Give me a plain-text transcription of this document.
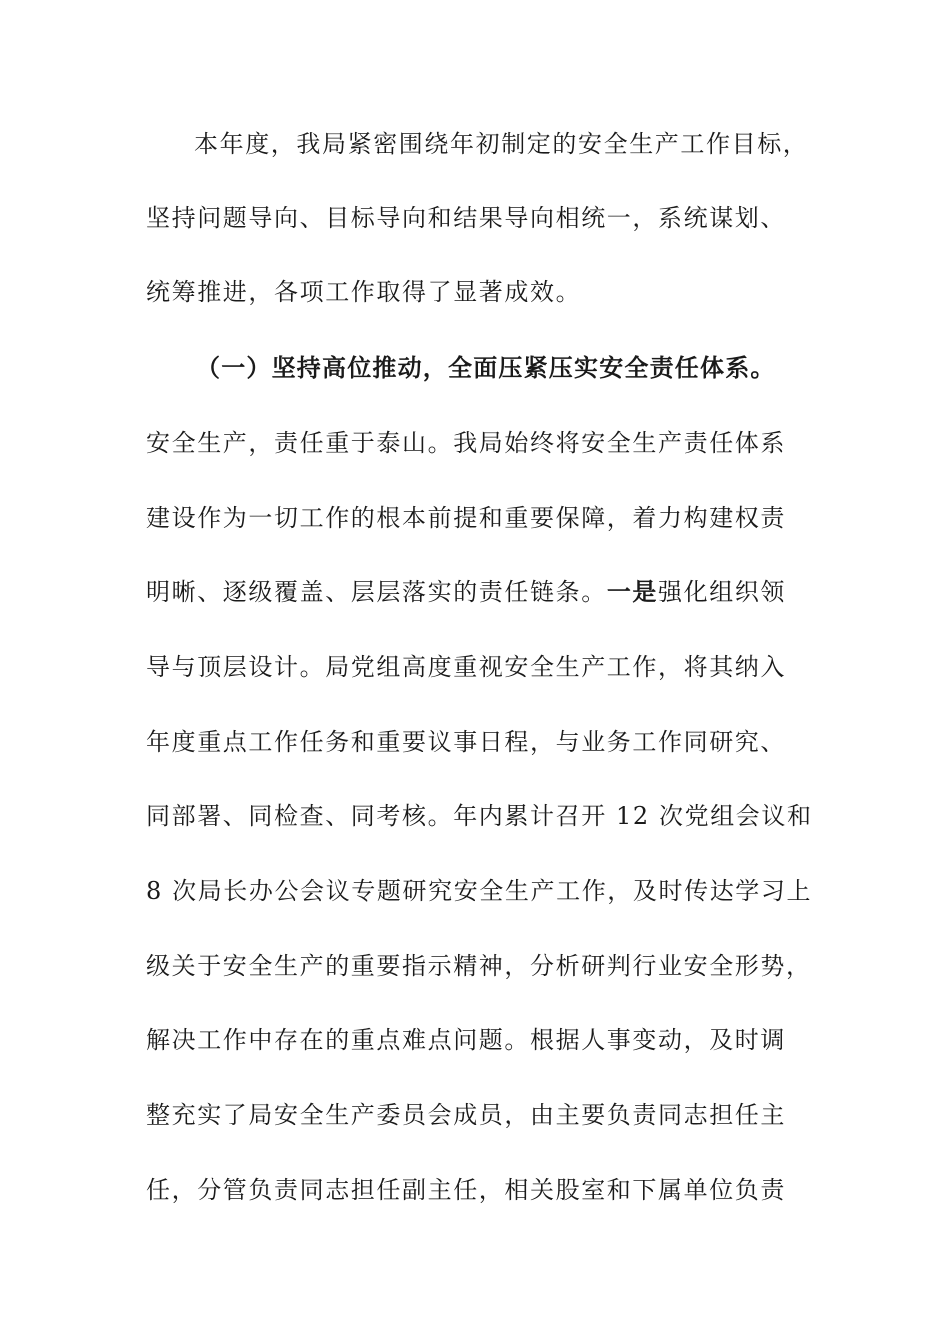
本年度，我局紧密围绕年初制定的安全生产工作目标，
坚持问题导向、目标导向和结果导向相统一，系统谋划、
统筹推进，各项工作取得了显著成效。
（一）坚持高位推动，全面压紧压实安全责任体系。
安全生产，责任重于泰山。我局始终将安全生产责任体系
建设作为一切工作的根本前提和重要保障，着力构建权责
明晰、逐级覆盖、层层落实的责任链条。一是强化组织领
导与顶层设计。局党组高度重视安全生产工作，将其纳入
年度重点工作任务和重要议事日程，与业务工作同研究、
同部署、同检查、同考核。年内累计召开 12 次党组会议和
8 次局长办公会议专题研究安全生产工作，及时传达学习上
级关于安全生产的重要指示精神，分析研判行业安全形势，
解决工作中存在的重点难点问题。根据人事变动，及时调
整充实了局安全生产委员会成员，由主要负责同志担任主
任，分管负责同志担任副主任，相关股室和下属单位负责
